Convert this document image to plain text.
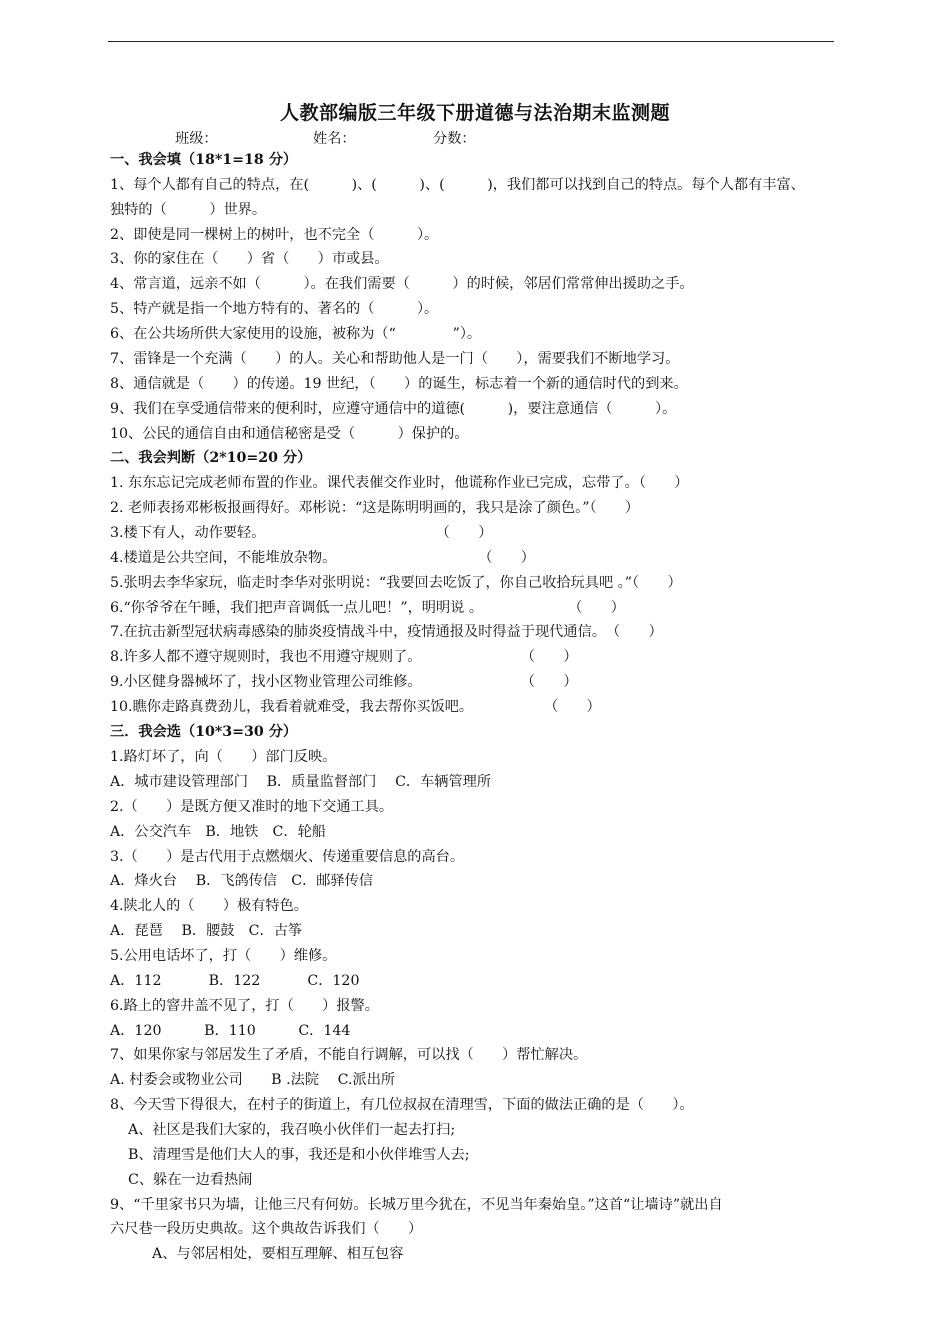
人教部编版三年级下册道德与法治期末监测题
班级：	姓名：	分数：
一、我会填（18*1=18 分）
1、每个人都有自己的特点，在(　　　)、(　　　)、(　　　)，我们都可以找到自己的特点。每个人都有丰富、
独特的（　　　）世界。
2、即使是同一棵树上的树叶，也不完全（　　　）。
3、你的家住在（　　）省（　　）市或县。
4、常言道，远亲不如（　　　）。在我们需要（　　　）的时候，邻居们常常伸出援助之手。
5、特产就是指一个地方特有的、著名的（　　　）。
6、在公共场所供大家使用的设施，被称为（“　　　　”）。
7、雷锋是一个充满（　　）的人。关心和帮助他人是一门（　　），需要我们不断地学习。
8、通信就是（　　）的传递。19 世纪，（　　）的诞生，标志着一个新的通信时代的到来。
9、我们在享受通信带来的便利时，应遵守通信中的道德(　　　)，要注意通信（　　　）。
10、公民的通信自由和通信秘密是受（　　　）保护的。
二、我会判断（2*10=20 分）
1. 东东忘记完成老师布置的作业。课代表催交作业时，他谎称作业已完成，忘带了。（　　）
2. 老师表扬邓彬板报画得好。邓彬说：“这是陈明明画的，我只是涂了颜色。”（　　）
3.楼下有人，动作要轻。　　　　　　　　　　　　　（　　）
4.楼道是公共空间，不能堆放杂物。　　　　　　　　　　　（　　）
5.张明去李华家玩，临走时李华对张明说：“我要回去吃饭了，你自己收拾玩具吧 。”（　　）
6.“你爷爷在午睡，我们把声音调低一点儿吧！”，明明说 。　　　　　　　（　　）
7.在抗击新型冠状病毒感染的肺炎疫情战斗中，疫情通报及时得益于现代通信。　（　　）
8.许多人都不遵守规则时，我也不用遵守规则了。　　　　　　　　（　　）
9.小区健身器械坏了，找小区物业管理公司维修。　　　　　　　　（　　）
10.瞧你走路真费劲儿，我看着就难受，我去帮你买饭吧。　　　　　　（　　）
三．我会选（10*3=30 分）
1.路灯坏了，向（　　）部门反映。
A．城市建设管理部门　 B．质量监督部门　 C．车辆管理所
2.（　　）是既方便又准时的地下交通工具。
A．公交汽车　B．地铁　C．轮船
3.（　　）是古代用于点燃烟火、传递重要信息的高台。
A．烽火台　 B．飞鸽传信　C．邮驿传信
4.陕北人的（　　）极有特色。
A．琵琶　 B．腰鼓　C．古筝
5.公用电话坏了，打（　　）维修。
A．112　　　 B．122　　　 C．120
6.路上的窨井盖不见了，打（　　）报警。
A．120　　　B．110　　　C．144
7、如果你家与邻居发生了矛盾，不能自行调解，可以找（　　）帮忙解决。
A. 村委会或物业公司　　B .法院　 C.派出所
8、今天雪下得很大，在村子的街道上，有几位叔叔在清理雪，下面的做法正确的是（　　）。
A、社区是我们大家的，我召唤小伙伴们一起去打扫;
B、清理雪是他们大人的事，我还是和小伙伴堆雪人去;
C、躲在一边看热闹
9、“千里家书只为墙，让他三尺有何妨。长城万里今犹在，不见当年秦始皇。”这首“让墙诗”就出自
六尺巷一段历史典故。这个典故告诉我们（　　）
A、与邻居相处，要相互理解、相互包容
